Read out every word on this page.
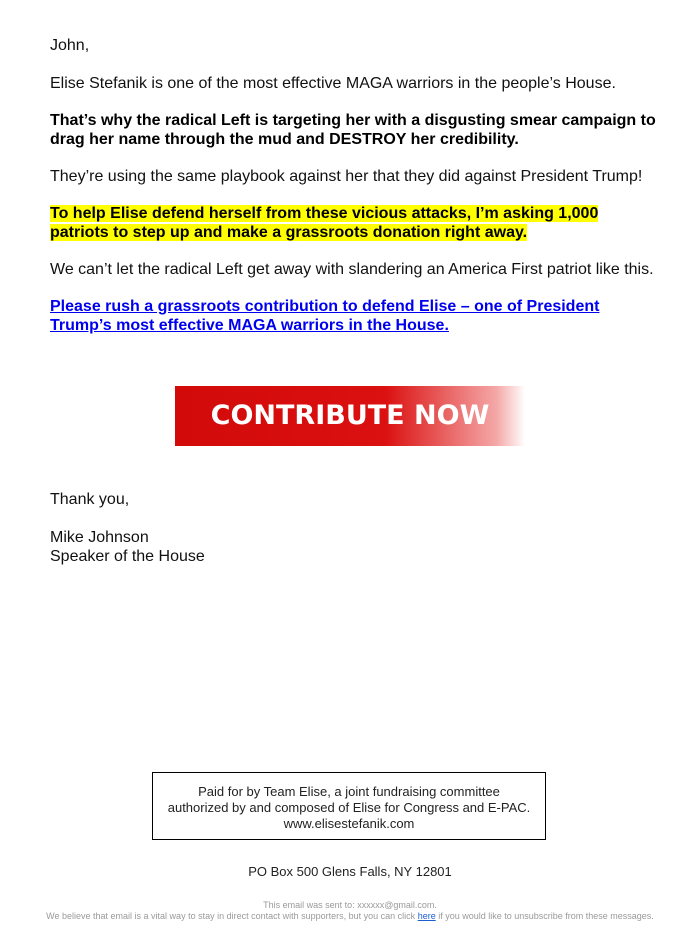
John,

Elise Stefanik is one of the most effective MAGA warriors in the people’s House.

That’s why the radical Left is targeting her with a disgusting smear campaign to drag her name through the mud and DESTROY her credibility.

They’re using the same playbook against her that they did against President Trump!

To help Elise defend herself from these vicious attacks, I’m asking 1,000 patriots to step up and make a grassroots donation right away.

We can’t let the radical Left get away with slandering an America First patriot like this.

Please rush a grassroots contribution to defend Elise – one of President Trump’s most effective MAGA warriors in the House.

CONTRIBUTE NOW

Thank you,

Mike Johnson

Speaker of the House

Paid for by Team Elise, a joint fundraising committee authorized by and composed of Elise for Congress and E-PAC. www.elisestefanik.com
PO Box 500 Glens Falls, NY 12801

This email was sent to: xxxxxx@gmail.com.

We believe that email is a vital way to stay in direct contact with supporters, but you can click here if you would like to unsubscribe from these messages.
